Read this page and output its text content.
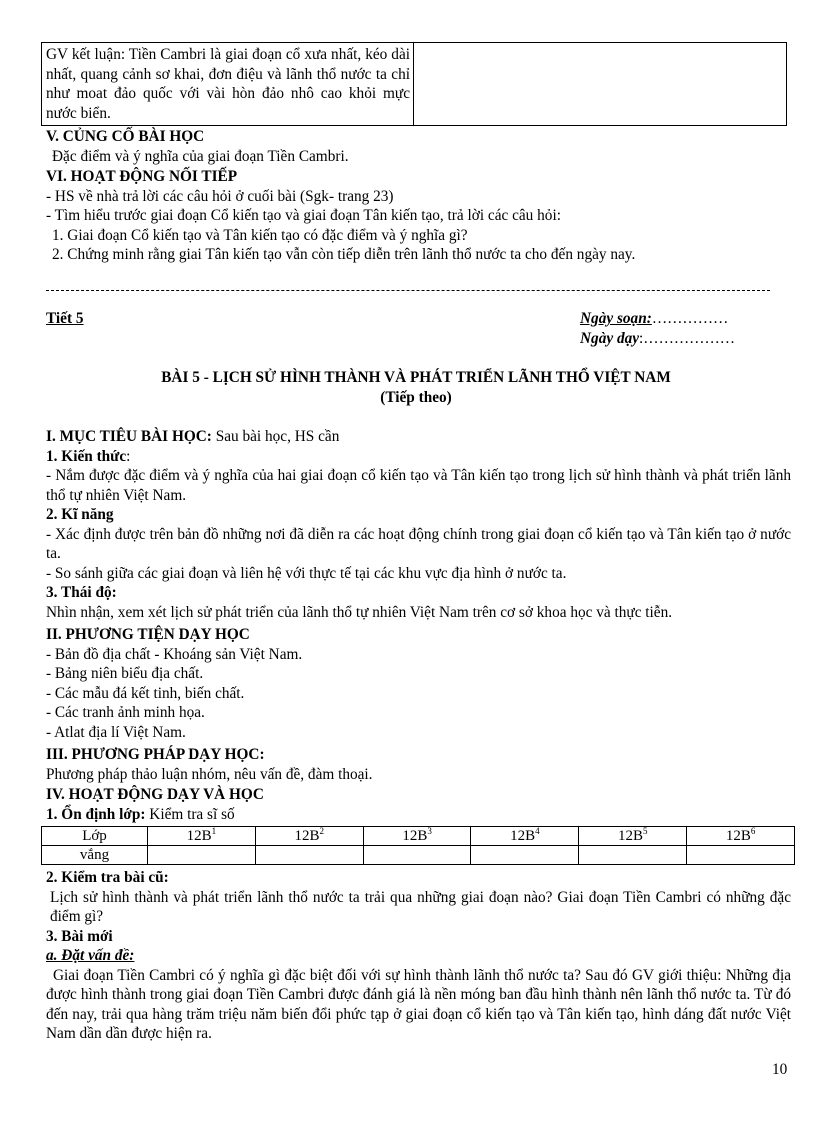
GV kết luận: Tiền Cambri là giai đoạn cổ xưa nhất, kéo dài nhất, quang cảnh sơ khai, đơn điệu và lãnh thổ nước ta chỉ như moat đảo quốc với vài hòn đảo nhô cao khỏi mực nước biển.	

V. CỦNG CỐ BÀI HỌC

Đặc điểm và ý nghĩa của giai đoạn Tiền Cambri.

VI. HOẠT ĐỘNG NỐI TIẾP

- HS về nhà trả lời các câu hỏi ở cuối bài (Sgk- trang 23)

- Tìm hiểu trước giai đoạn Cổ kiến tạo và giai đoạn Tân kiến tạo, trả lời các câu hỏi:

1. Giai đoạn Cổ kiến tạo và Tân kiến tạo có đặc điểm và ý nghĩa gì?

2. Chứng minh rằng giai Tân kiến tạo vẫn còn tiếp diễn trên lãnh thổ nước ta cho đến ngày nay.

Tiết 5	Ngày soạn:……………
Ngày dạy:………………
BÀI 5 - LỊCH SỬ HÌNH THÀNH VÀ PHÁT TRIỂN LÃNH THỔ VIỆT NAM
(Tiếp theo)

I. MỤC TIÊU BÀI HỌC: Sau bài học, HS cần

1. Kiến thức:

- Nắm được đặc điểm và ý nghĩa của hai giai đoạn cổ kiến tạo và Tân kiến tạo trong lịch sử hình thành và phát triển lãnh thổ tự nhiên Việt Nam.

2. Kĩ năng

- Xác định được trên bản đồ những nơi đã diễn ra các hoạt động chính trong giai đoạn cổ kiến tạo và Tân kiến tạo ở nước ta.

- So sánh giữa các giai đoạn và liên hệ với thực tế tại các khu vực địa hình ở nước ta.

3. Thái độ:

Nhìn nhận, xem xét lịch sử phát triển của lãnh thổ tự nhiên Việt Nam trên cơ sở khoa học và thực tiễn.

II. PHƯƠNG TIỆN DẠY HỌC

- Bản đồ địa chất - Khoáng sản Việt Nam.

- Bảng niên biểu địa chất.

- Các mẫu đá kết tinh, biến chất.

- Các tranh ảnh minh họa.

- Atlat địa lí Việt Nam.

III. PHƯƠNG PHÁP DẠY HỌC:

Phương pháp thảo luận nhóm, nêu vấn đề, đàm thoại.

IV. HOẠT ĐỘNG DẠY VÀ HỌC

1. Ổn định lớp: Kiểm tra sĩ số

Lớp	$12B^1$	$12B^2$	$12B^3$	$12B^4$	$12B^5$	$12B^6$
vắng						

2. Kiểm tra bài cũ:

Lịch sử hình thành và phát triển lãnh thổ nước ta trải qua những giai đoạn nào? Giai đoạn Tiền Cambri có những đặc điểm gì?

3. Bài mới

a. Đặt vấn đề:

Giai đoạn Tiền Cambri có ý nghĩa gì đặc biệt đối với sự hình thành lãnh thổ nước ta? Sau đó GV giới thiệu: Những địa được hình thành trong giai đoạn Tiền Cambri được đánh giá là nền móng ban đầu hình thành nên lãnh thổ nước ta. Từ đó đến nay, trải qua hàng trăm triệu năm biến đổi phức tạp ở giai đoạn cổ kiến tạo và Tân kiến tạo, hình dáng đất nước Việt Nam dần dần được hiện ra.

10
